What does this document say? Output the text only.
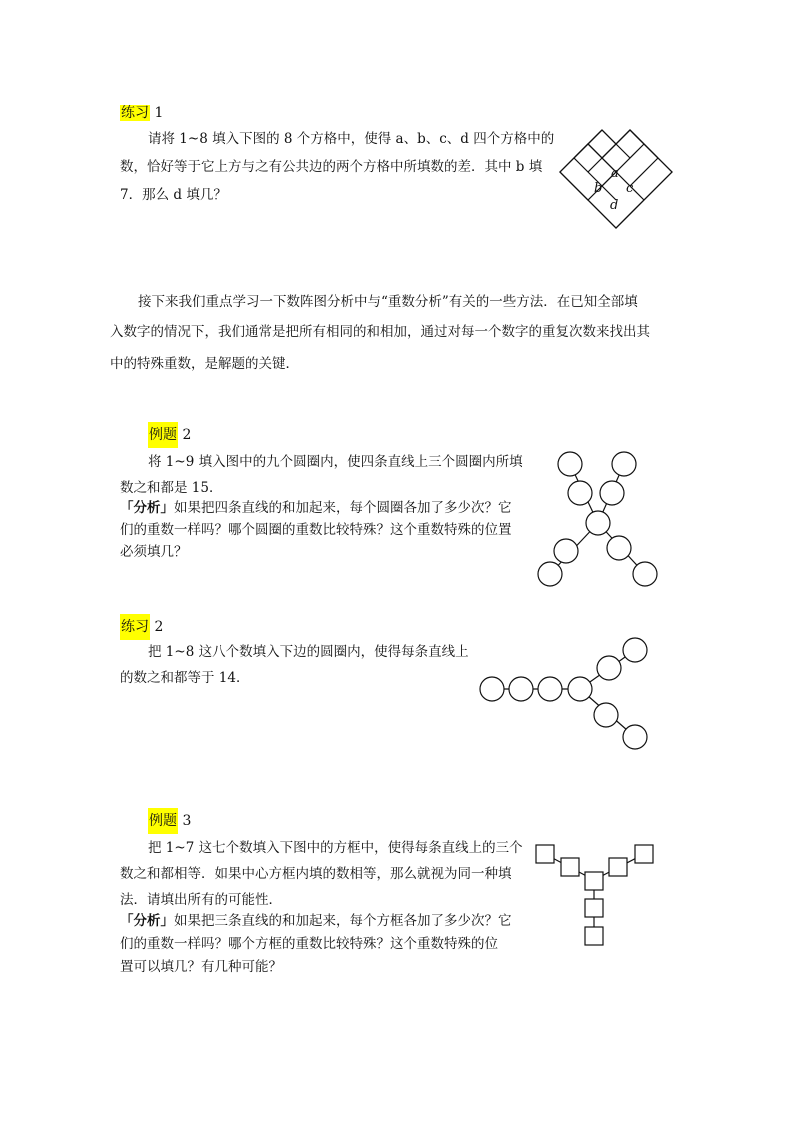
练习 1
请将 1~8 填入下图的 8 个方格中，使得 a、b、c、d 四个方格中的
数，恰好等于它上方与之有公共边的两个方格中所填数的差．其中 b 填
7．那么 d 填几？
a
b c
d
接下来我们重点学习一下数阵图分析中与“重数分析”有关的一些方法．在已知全部填
入数字的情况下，我们通常是把所有相同的和相加，通过对每一个数字的重复次数来找出其
中的特殊重数，是解题的关键．
例题 2
将 1~9 填入图中的九个圆圈内，使四条直线上三个圆圈内所填
数之和都是 15．
「分析」如果把四条直线的和加起来，每个圆圈各加了多少次？它
们的重数一样吗？哪个圆圈的重数比较特殊？这个重数特殊的位置
必须填几？
练习 2
把 1~8 这八个数填入下边的圆圈内，使得每条直线上
的数之和都等于 14．
例题 3
把 1~7 这七个数填入下图中的方框中，使得每条直线上的三个
数之和都相等．如果中心方框内填的数相等，那么就视为同一种填
法．请填出所有的可能性．
「分析」如果把三条直线的和加起来，每个方框各加了多少次？它
们的重数一样吗？哪个方框的重数比较特殊？这个重数特殊的位
置可以填几？有几种可能？
